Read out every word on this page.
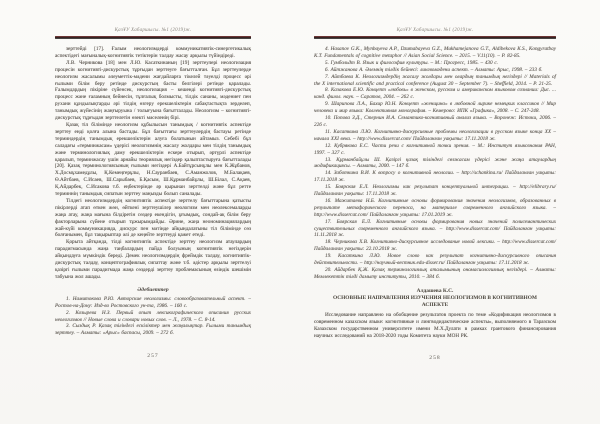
ҚазҰУ Хабаршысы. №1 (2019)ж.

зерттейді [17]. Ғалым неологизмдерді коммуникативтік-синергетикалық аспектідегі мағыналық-когнитивтік тетіктерін талдау жасау арқылы түйіндіреді.

Л.В. Черникова [18] мен Л.Ю. Касаткинаның [19] зерттеулері неологизация процесін когнитивті-дискурстық тұрғыдан зерттеуге бағытталған. Бұл зерттеулерде неологизм жасалымы әлеуметтік-мәдени жағдайларға тікелей тәуелді процесс әрі ғылыми білім беру ретінде дискурстың басты белгілері ретінде қаралады. Ғалымдардың пікіріне сүйенсек, неологизация – кешенді когнитивті-дискурстық процесс және ғаламның бейнесін, тұлғалық болмысты, тілдік сананы, мәдениет пен рухани құндылықтарды әрі тілдің өзгеру ерекшеліктерін сабақтастықта зерделеп, танымдық жүйесінің жаңғыруына / толығуына бағытталады. Неологизм – когнитивті-дискурстық тұрғыдан зерттелетін өзекті мәселенің бірі.

Қазақ тіл білімінде неологизм құбылысын танымдық / когнитивтік аспектіде зерттеу енді қолға алына бастады. Бұл бағыттағы зерттеулердің бастауы ретінде терминдердің танымдық ерекшеліктерін алуға болатынын айтамыз. Себебі бұл саладағы «терминжасам» үдерісі неологизмнің жасалу жолдары мен тілдің танымдық және терминологиялық даму ерекшеліктерін ескере отырып, әртүрлі аспектіде қаралып, терминжасау үшін арнайы теориялық негіздер қалыптастыруға бағытталады [20]. Қазақ терминологиясының ғылыми негіздері А.Байтұрсынұлы мен К.Жұбанов, Х.Досмұхамедұлы, Қ.Кемеңгерұлы, Н.Сауранбаев, С.Аманжолов, М.Балақаев, Ө.Айтбаев, С.Исаев, Ш.Сарыбаев, Б.Қасым, Ш.Құрманбайұлы, Ш.Білал, С.Ақаев, Қ.Айдарбек, С.Исакова т.б. еңбектерінде әр қырынан зерттелді және бұл ретте терминнің танымдық сипатын зерттеу маңызды болып саналады.

Тілдегі неологизмдердің когнитивтік аспектіде зерттелу бағыттарына қатысты пікірлерді атап өткен жөн, өйткені зерттеушілер неологизм мен неолексемаларды жаңа атау, жаңа мағына білдіретін сөздер екендігін, ұғымдық, сондай-ақ білім беру факторларына сүйене отырып тұжырымдайды. Әрине, жаңа неономинациялардың жай-күйі коммуникацияда, дискурс пен мәтінде айқындалатыны тіл білімінде сөз болғанымен, бұл тақырыптар әлі де кеңейте зерттеуді қажет етеді.

Қорыта айтқанда, тілді когнитивтік аспектіде зерттеу неологизм атаулардың парадигмасында жаңа таңбалардың пайда болуының когнитивтік негіздерін айқындауға мүмкіндік береді. Демек неологизмдердің фреймдік талдау, когнитивтік-дискурстық талдау, концептографиялық сипаттау және т.б. әдістер арқылы зерттелуі қазіргі ғылыми парадигмада жаңа сөздерді зерттеу проблемасының өзіндік шешімін табуына жол ашады.

Әдебиеттер

1. Намитокова Р.Ю. Авторские неологизмы: словообразовательный аспект. – Ростов-на-Дону: Изд-во Ростовского ун-та, 1986. – 160 с.

2. Козырева Н.З. Первый опыт лексикографического описания русских неологизмов // Новые слова и словари новых слов. – Л., 1978. – С. 8-14.

3. Сыздық Р. Қазақ тіліндегі ескіліктер мен жаңалықтар. Ғылыми танымдық зерттеу. – Алматы: «Арыс» баспасы, 2009. – 272 б.

257
ҚазҰУ Хабаршысы. №1 (2019)ж.

4. Hasanov G.K., Mynbayeva A.P., Dzumabayeva G.Z., Mukhamejanova G.T., Aldibekova K.S., Kongyratbay K.T. Fundamentals of cognitive metaphor // Asian Social Science. – 2015. – V.11(10). – P. 82-85.

5. Гумбольдт В. Язык и философия культуры. – М.: Прогресс, 1985. – 430 с.

6. Айтжанова А. Әлемнің тілдік бейнесі: лингвомәдени аспект. – Алматы: Арыс, 1998. – 233 б.

7. Айтбаева К. Неологизмдердің жасалу жолдары мен олардың танымдық негіздері // Materials of the X international scientific and practical conference (August 30 – September 7). – Sheffield, 2014. – P. 21-25.

8. Казакова Е.Ю. Концепт «любовь» в женском, русском и американском языковом сознании: Дис. ... канд. филол. наук. – Саратов, 2004. – 262 с.

9. Шарипова Л.А., Бахир Ю.Н. Концепт «женщина» в любовной лирике немецких классиков // Мир человека и мир языка: Коллективная монография. – Кемерово: ИПК «Графика», 2008. – С. 247-248.

10. Попова З.Д., Стернин И.А. Семантико-когнитивный анализ языка. – Воронеж: Истоки, 2006. – 226 с.

11. Касаткина Л.Ю. Когнитивно-дискурсивные проблемы неологизации в русском языке конца XX – начала XXI века. – http://www.dissercat.com/ Пайдаланған уақыты: 17.11.2018 ж.

12. Кубрякова Е.С. Части речи с когнитивной точки зрения. – М.: Институт языкознания РАН, 1997. – 327 с.

13. Құрманбайұлы Ш. Қазіргі қазақ тіліндегі сөзжасам үдерісі және жаңа атаулардың модификациясы. – Алматы, 2000. – 147 б.

14. Заботкина В.И. К вопросу о когнитивной неологии. – http://schankina.ru/ Пайдаланған уақыты: 17.11.2018 ж.

15. Боярская Е.Л. Неологизмы как результат концептуальной интеграции. – http://elibrary.ru/ Пайдаланған уақыты: 17.11.2018 ж.

16. Мажитаева Н.Б. Когнитивные основы формирования значения неологизмов, образованных в результате метафорического переноса, на материале современного английского языка. – http://www.dissercat.com/ Пайдаланған уақыты: 17.01.2019 ж.

17. Боярская Е.Л. Когнитивные основы формирования новых значений полисемантических существительных современного английского языка. – http://www.dissercat.com/ Пайдаланған уақыты: 11.11.2018 ж.

18. Черникова Х.В. Когнитивно-дискурсивное исследование новой лексики. – http://www.dissercat.com/ Пайдаланған уақыты: 22.10.2018 ж.

19. Касаткина Л.Ю. Новое слово как результат когнитивно-дискурсивного описания действительности. – http://научный-вестник.edu-disser.ru/ Пайдаланған уақыты: 17.11.2018 ж.

20. Айдарбек Қ.Ж. Қазақ терминологиялық аталымының ономасиологиялық негіздері. – Алматы: Мемлекеттік тілді дамыту институты, 2010. – 384 б.

Алдашева К.С.
ОСНОВНЫЕ НАПРАВЛЕНИЯ ИЗУЧЕНИЯ НЕОЛОГИЗМОВ В КОГНИТИВНОМ АСПЕКТЕ

Исследование направлено на обобщение результатов проекта по теме «Кодификация неологизмов в современном казахском языке: когнитивные и лингводидактические аспекты», выполняемого в Таразском Казахском государственном университете имени М.Х.Дулати в рамках грантового финансирования научных исследований на 2018-2020 годы Комитета науки МОН РК.

258
